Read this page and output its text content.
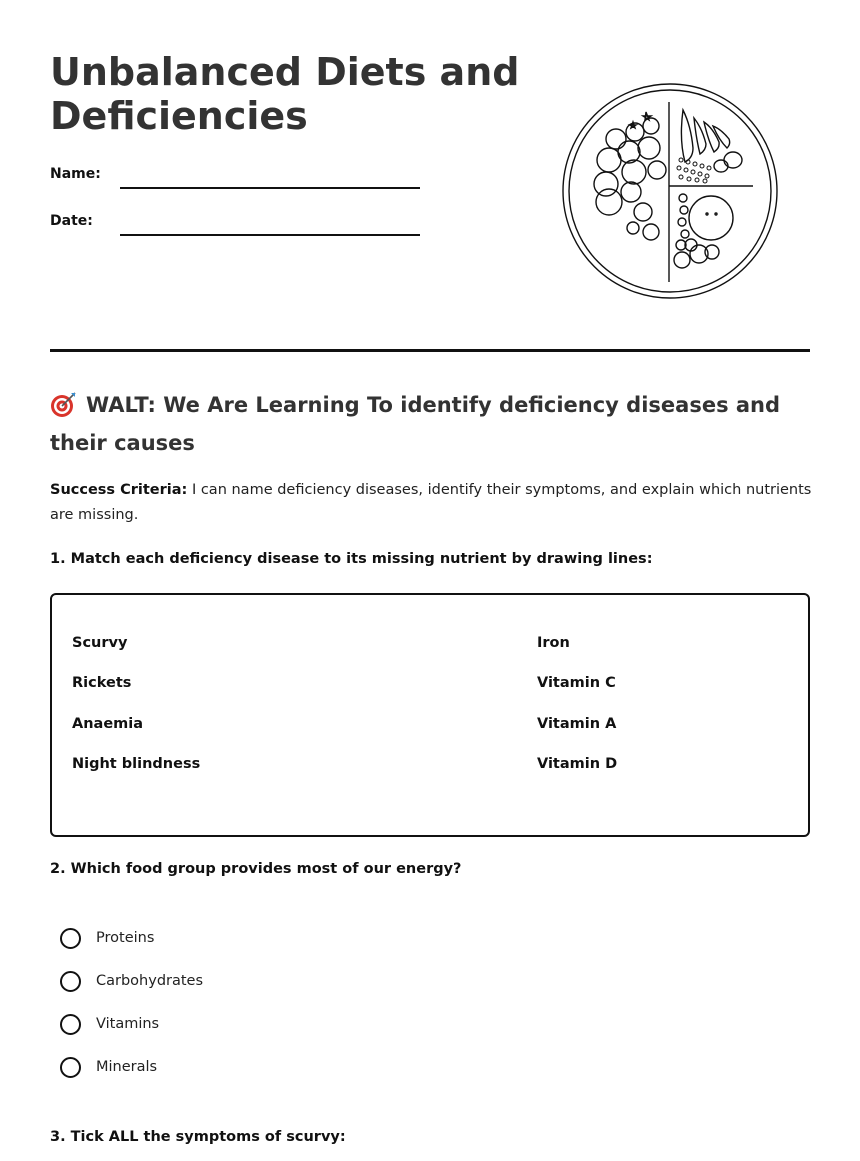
Unbalanced Diets and Deficiencies
Name:
Date:
WALT: We Are Learning To identify deficiency diseases and their causes
Success Criteria: I can name deficiency diseases, identify their symptoms, and explain which nutrients are missing.
1. Match each deficiency disease to its missing nutrient by drawing lines:
Scurvy
Rickets
Anaemia
Night blindness
Iron
Vitamin C
Vitamin A
Vitamin D
2. Which food group provides most of our energy?
Proteins
Carbohydrates
Vitamins
Minerals
3. Tick ALL the symptoms of scurvy:
